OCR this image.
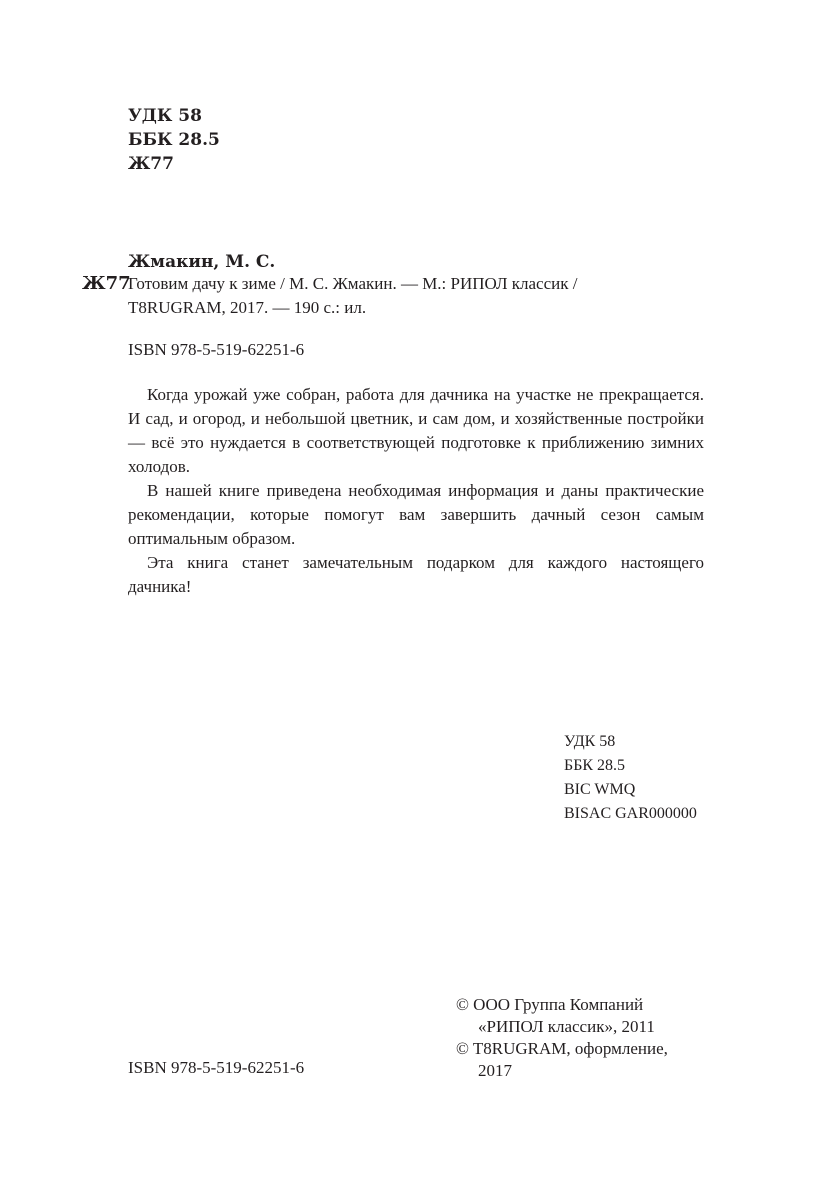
УДК 58
ББК 28.5
Ж77
Жмакин, М. С.
Ж77
Готовим дачу к зиме / М. С. Жмакин. — М.: РИПОЛ классик /
T8RUGRAM, 2017. — 190 с.: ил.
ISBN 978-5-519-62251-6

Когда урожай уже собран, работа для дачника на участке не прекращается. И сад, и огород, и небольшой цветник, и сам дом, и хозяйственные постройки — всё это нуждается в соответствующей подготовке к приближению зимних холодов.

В нашей книге приведена необходимая информация и даны практические рекомендации, которые помогут вам завершить дачный сезон самым оптимальным образом.

Эта книга станет замечательным подарком для каждого настоящего дачника!

УДК 58
ББК 28.5
BIC WMQ
BISAC GAR000000
ISBN 978-5-519-62251-6
© ООО Группа Компаний
«РИПОЛ классик», 2011
© T8RUGRAM, оформление,
2017
